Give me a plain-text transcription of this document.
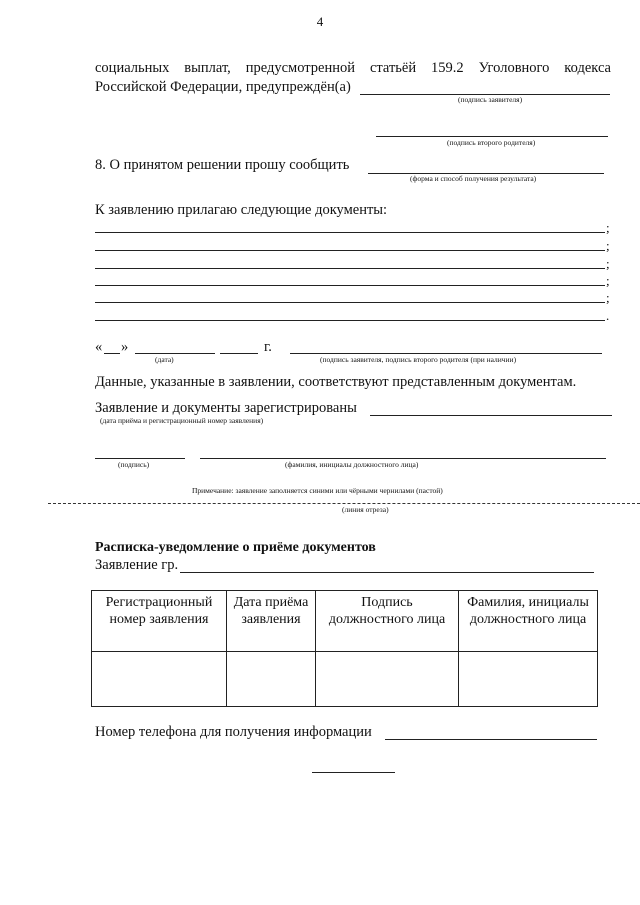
4
социальных выплат, предусмотренной статьёй 159.2 Уголовного кодекса
Российской Федерации, предупреждён(а)
(подпись заявителя)
(подпись второго родителя)
8. О принятом решении прошу сообщить
(форма и способ получения результата)
К заявлению прилагаю следующие документы:
;
;
;
;
;
.
« »	г.
(дата)	(подпись заявителя, подпись второго родителя (при наличии)
Данные, указанные в заявлении, соответствуют представленным документам.
Заявление и документы зарегистрированы
(дата приёма и регистрационный номер заявления)
(подпись)	(фамилия, инициалы должностного лица)
Примечание: заявление заполняется синими или чёрными чернилами (пастой)
(линия отреза)
Расписка-уведомление о приёме документов
Заявление гр.
Регистрационный номер заявления	Дата приёма заявления	Подпись должностного лица	Фамилия, инициалы должностного лица

Номер телефона для получения информации
